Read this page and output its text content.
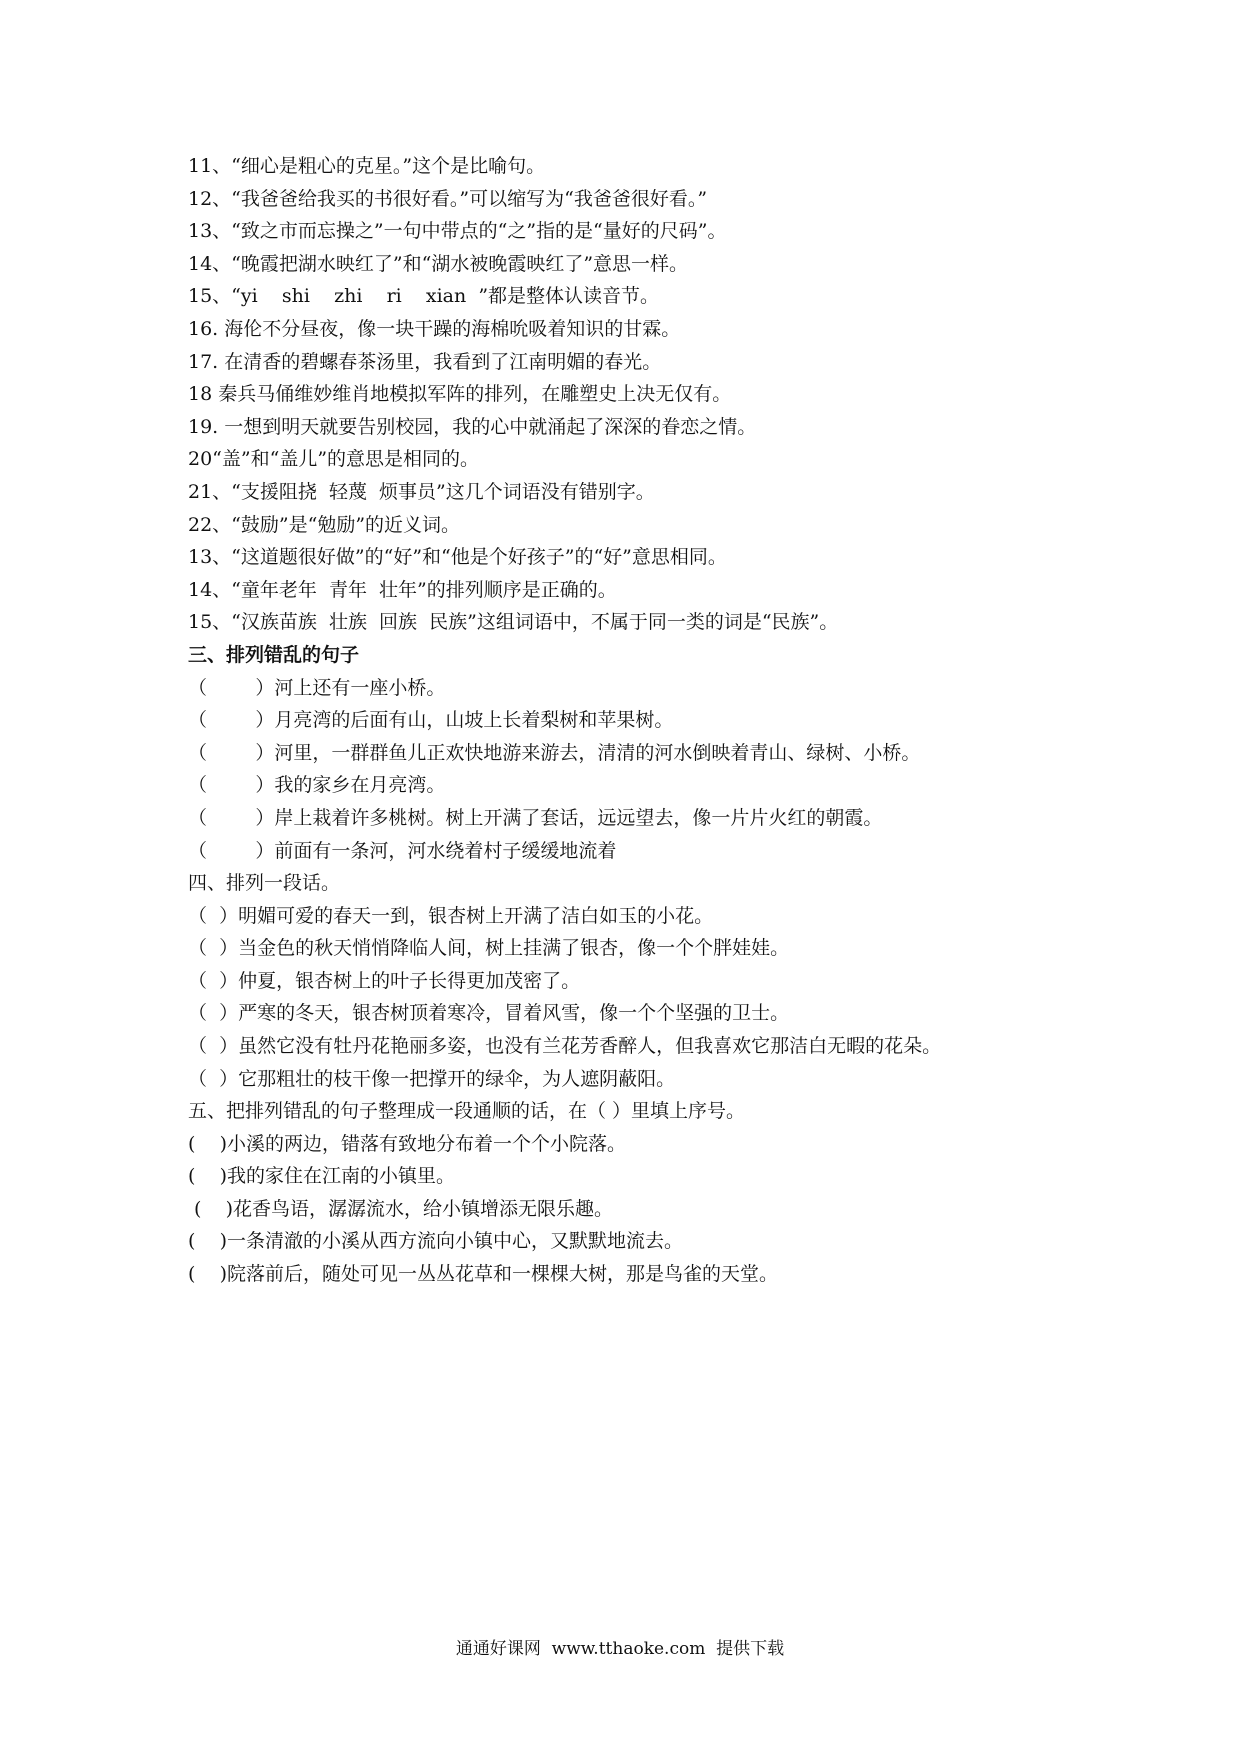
11、“细心是粗心的克星。”这个是比喻句。
12、“我爸爸给我买的书很好看。”可以缩写为“我爸爸很好看。”
13、“致之市而忘操之”一句中带点的“之”指的是“量好的尺码”。
14、“晚霞把湖水映红了”和“湖水被晚霞映红了”意思一样。
15、“yi    shi    zhi    ri    xian  ”都是整体认读音节。
16. 海伦不分昼夜，像一块干躁的海棉吮吸着知识的甘霖。
17. 在清香的碧螺春茶汤里，我看到了江南明媚的春光。
18 秦兵马俑维妙维肖地模拟军阵的排列，在雕塑史上决无仅有。
19. 一想到明天就要告别校园，我的心中就涌起了深深的眷恋之情。
20“盖”和“盖儿”的意思是相同的。
21、“支援阻挠  轻蔑  烦事员”这几个词语没有错别字。
22、“鼓励”是“勉励”的近义词。
13、“这道题很好做”的“好”和“他是个好孩子”的“好”意思相同。
14、“童年老年  青年  壮年”的排列顺序是正确的。
15、“汉族苗族  壮族  回族  民族”这组词语中，不属于同一类的词是“民族”。
三、排列错乱的句子
（        ）河上还有一座小桥。
（        ）月亮湾的后面有山，山坡上长着梨树和苹果树。
（        ）河里，一群群鱼儿正欢快地游来游去，清清的河水倒映着青山、绿树、小桥。
（        ）我的家乡在月亮湾。
（        ）岸上栽着许多桃树。树上开满了套话，远远望去，像一片片火红的朝霞。
（        ）前面有一条河，河水绕着村子缓缓地流着
四、排列一段话。
（  ）明媚可爱的春天一到，银杏树上开满了洁白如玉的小花。
（  ）当金色的秋天悄悄降临人间，树上挂满了银杏，像一个个胖娃娃。
（  ）仲夏，银杏树上的叶子长得更加茂密了。
（  ）严寒的冬天，银杏树顶着寒冷，冒着风雪，像一个个坚强的卫士。
（  ）虽然它没有牡丹花艳丽多姿，也没有兰花芳香醉人，但我喜欢它那洁白无暇的花朵。
（  ）它那粗壮的枝干像一把撑开的绿伞，为人遮阴蔽阳。
五、把排列错乱的句子整理成一段通顺的话，在（ ）里填上序号。
(    )小溪的两边，错落有致地分布着一个个小院落。
(    )我的家住在江南的小镇里。
(    )花香鸟语，潺潺流水，给小镇增添无限乐趣。
(    )一条清澈的小溪从西方流向小镇中心，又默默地流去。
(    )院落前后，随处可见一丛丛花草和一棵棵大树，那是鸟雀的天堂。
通通好课网  www.tthaoke.com  提供下载
